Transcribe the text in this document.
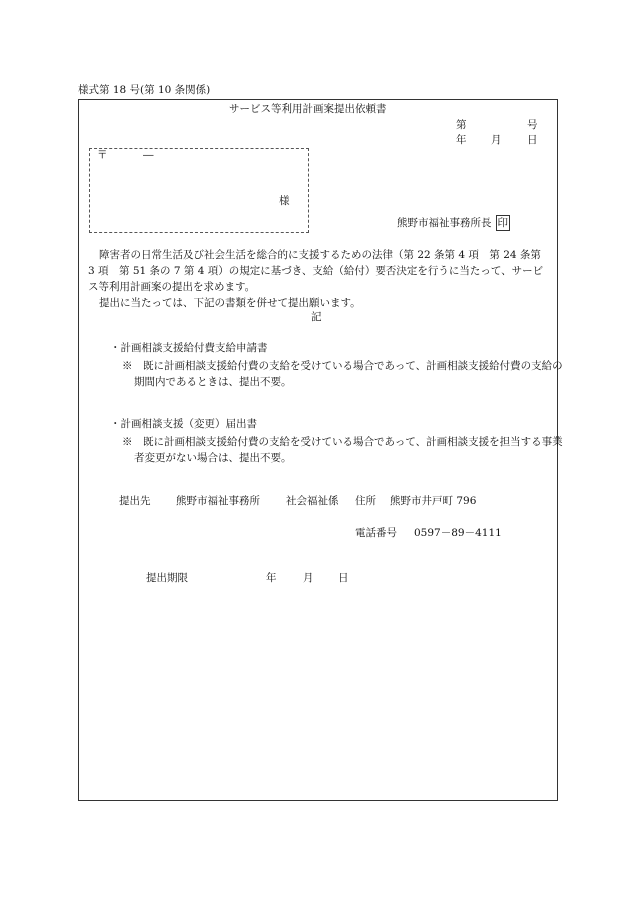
様式第 18 号(第 10 条関係)
サービス等利用計画案提出依頼書
第	号
年 月 日
〒	―
様
熊野市福祉事務所長 印
障害者の日常生活及び社会生活を総合的に支援するための法律（第 22 条第 4 項　第 24 条第 3 項　第 51 条の 7 第 4 項）の規定に基づき、支給（給付）要否決定を行うに当たって、サービス等利用計画案の提出を求めます。
提出に当たっては、下記の書類を併せて提出願います。
記
・計画相談支援給付費支給申請書
※　既に計画相談支援給付費の支給を受けている場合であって、計画相談支援給付費の支給の期間内であるときは、提出不要。
・計画相談支援（変更）届出書
※　既に計画相談支援給付費の支給を受けている場合であって、計画相談支援を担当する事業者変更がない場合は、提出不要。
提出先 熊野市福祉事務所 社会福祉係 住所 熊野市井戸町 796
電話番号 0597－89－4111
提出期限	年	月 日
